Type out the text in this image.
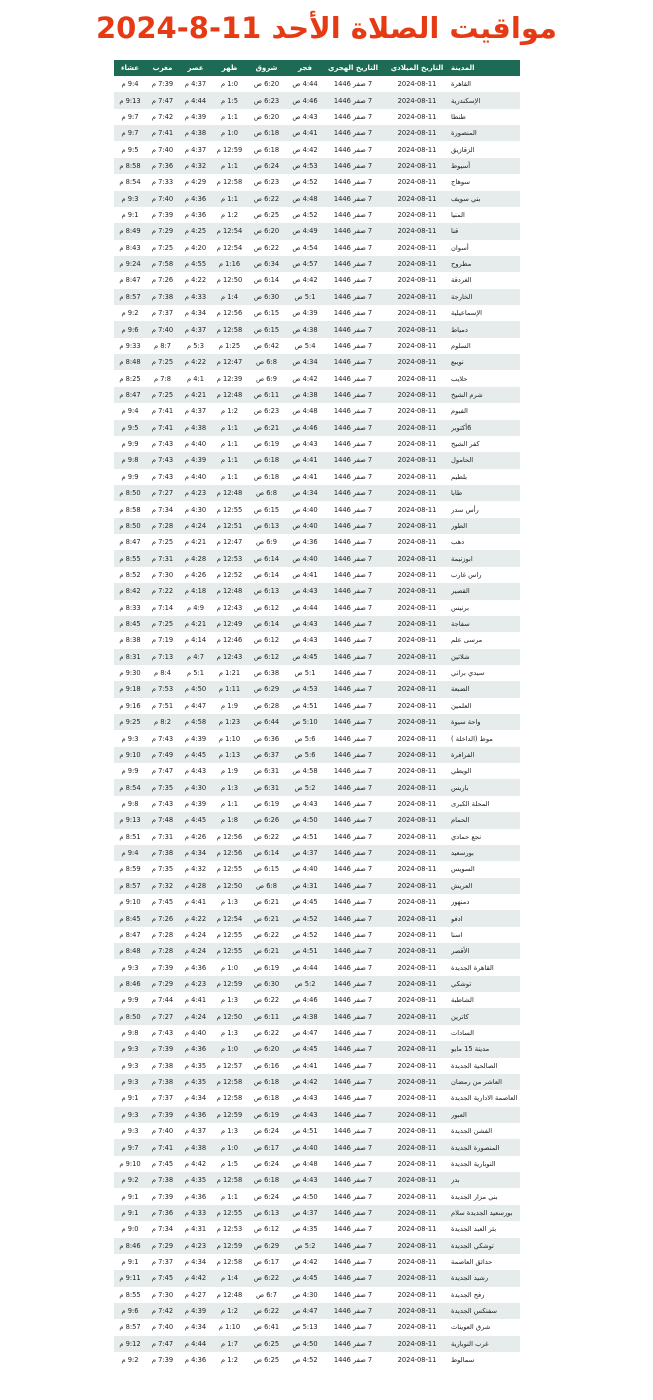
مواقيت الصلاة الأحد 11-8-2024
المدينة
التاريخ الميلادي
التاريخ الهجري
فجر
شروق
ظهر
عصر
مغرب
عشاء
القاهرة
2024-08-11
7 صفر 1446
4:44 ص
6:20 ص
1:0 م
4:37 م
7:39 م
9:4 م
الإسكندرية
2024-08-11
7 صفر 1446
4:46 ص
6:23 ص
1:5 م
4:44 م
7:47 م
9:13 م
طنطا
2024-08-11
7 صفر 1446
4:43 ص
6:20 ص
1:1 م
4:39 م
7:42 م
9:7 م
المنصورة
2024-08-11
7 صفر 1446
4:41 ص
6:18 ص
1:0 م
4:38 م
7:41 م
9:7 م
الزقازيق
2024-08-11
7 صفر 1446
4:42 ص
6:18 ص
12:59 م
4:37 م
7:40 م
9:5 م
أسيوط
2024-08-11
7 صفر 1446
4:53 ص
6:24 ص
1:1 م
4:32 م
7:36 م
8:58 م
سوهاج
2024-08-11
7 صفر 1446
4:52 ص
6:23 ص
12:58 م
4:29 م
7:33 م
8:54 م
بني سويف
2024-08-11
7 صفر 1446
4:48 ص
6:22 ص
1:1 م
4:36 م
7:40 م
9:3 م
المنيا
2024-08-11
7 صفر 1446
4:52 ص
6:25 ص
1:2 م
4:36 م
7:39 م
9:1 م
قنا
2024-08-11
7 صفر 1446
4:49 ص
6:20 ص
12:54 م
4:25 م
7:29 م
8:49 م
أسوان
2024-08-11
7 صفر 1446
4:54 ص
6:22 ص
12:54 م
4:20 م
7:25 م
8:43 م
مطروح
2024-08-11
7 صفر 1446
4:57 ص
6:34 ص
1:16 م
4:55 م
7:58 م
9:24 م
الغردقة
2024-08-11
7 صفر 1446
4:42 ص
6:14 ص
12:50 م
4:22 م
7:26 م
8:47 م
الخارجة
2024-08-11
7 صفر 1446
5:1 ص
6:30 ص
1:4 م
4:33 م
7:38 م
8:57 م
الإسماعيلية
2024-08-11
7 صفر 1446
4:39 ص
6:15 ص
12:56 م
4:34 م
7:37 م
9:2 م
دمياط
2024-08-11
7 صفر 1446
4:38 ص
6:15 ص
12:58 م
4:37 م
7:40 م
9:6 م
السلوم
2024-08-11
7 صفر 1446
5:4 ص
6:42 ص
1:25 م
5:3 م
8:7 م
9:33 م
نويبع
2024-08-11
7 صفر 1446
4:34 ص
6:8 ص
12:47 م
4:22 م
7:25 م
8:48 م
حلايب
2024-08-11
7 صفر 1446
4:42 ص
6:9 ص
12:39 م
4:1 م
7:8 م
8:25 م
شرم الشيخ
2024-08-11
7 صفر 1446
4:38 ص
6:11 ص
12:48 م
4:21 م
7:25 م
8:47 م
الفيوم
2024-08-11
7 صفر 1446
4:48 ص
6:23 ص
1:2 م
4:37 م
7:41 م
9:4 م
6أكتوبر
2024-08-11
7 صفر 1446
4:46 ص
6:21 ص
1:1 م
4:38 م
7:41 م
9:5 م
كفر الشيخ
2024-08-11
7 صفر 1446
4:43 ص
6:19 ص
1:1 م
4:40 م
7:43 م
9:9 م
الحامول
2024-08-11
7 صفر 1446
4:41 ص
6:18 ص
1:1 م
4:39 م
7:43 م
9:8 م
بلطيم
2024-08-11
7 صفر 1446
4:41 ص
6:18 ص
1:1 م
4:40 م
7:43 م
9:9 م
طابا
2024-08-11
7 صفر 1446
4:34 ص
6:8 ص
12:48 م
4:23 م
7:27 م
8:50 م
رأس سدر
2024-08-11
7 صفر 1446
4:40 ص
6:15 ص
12:55 م
4:30 م
7:34 م
8:58 م
الطور
2024-08-11
7 صفر 1446
4:40 ص
6:13 ص
12:51 م
4:24 م
7:28 م
8:50 م
دهب
2024-08-11
7 صفر 1446
4:36 ص
6:9 ص
12:47 م
4:21 م
7:25 م
8:47 م
ابوزنيمة
2024-08-11
7 صفر 1446
4:40 ص
6:14 ص
12:53 م
4:28 م
7:31 م
8:55 م
راس غارب
2024-08-11
7 صفر 1446
4:41 ص
6:14 ص
12:52 م
4:26 م
7:30 م
8:52 م
القصير
2024-08-11
7 صفر 1446
4:43 ص
6:13 ص
12:48 م
4:18 م
7:22 م
8:42 م
برنيس
2024-08-11
7 صفر 1446
4:44 ص
6:12 ص
12:43 م
4:9 م
7:14 م
8:33 م
سفاجة
2024-08-11
7 صفر 1446
4:43 ص
6:14 ص
12:49 م
4:21 م
7:25 م
8:45 م
مرسى علم
2024-08-11
7 صفر 1446
4:43 ص
6:12 ص
12:46 م
4:14 م
7:19 م
8:38 م
شلاتين
2024-08-11
7 صفر 1446
4:45 ص
6:12 ص
12:43 م
4:7 م
7:13 م
8:31 م
سيدي براني
2024-08-11
7 صفر 1446
5:1 ص
6:38 ص
1:21 م
5:1 م
8:4 م
9:30 م
الضبعة
2024-08-11
7 صفر 1446
4:53 ص
6:29 ص
1:11 م
4:50 م
7:53 م
9:18 م
العلمين
2024-08-11
7 صفر 1446
4:51 ص
6:28 ص
1:9 م
4:47 م
7:51 م
9:16 م
واحة سيوة
2024-08-11
7 صفر 1446
5:10 ص
6:44 ص
1:23 م
4:58 م
8:2 م
9:25 م
موط (الداخلة )
2024-08-11
7 صفر 1446
5:6 ص
6:36 ص
1:10 م
4:39 م
7:43 م
9:3 م
الفرافرة
2024-08-11
7 صفر 1446
5:6 ص
6:37 ص
1:13 م
4:45 م
7:49 م
9:10 م
الويطي
2024-08-11
7 صفر 1446
4:58 ص
6:31 ص
1:9 م
4:43 م
7:47 م
9:9 م
باريس
2024-08-11
7 صفر 1446
5:2 ص
6:31 ص
1:3 م
4:30 م
7:35 م
8:54 م
المحلة الكبرى
2024-08-11
7 صفر 1446
4:43 ص
6:19 ص
1:1 م
4:39 م
7:43 م
9:8 م
الحمام
2024-08-11
7 صفر 1446
4:50 ص
6:26 ص
1:8 م
4:45 م
7:48 م
9:13 م
نجع حمادي
2024-08-11
7 صفر 1446
4:51 ص
6:22 ص
12:56 م
4:26 م
7:31 م
8:51 م
بورسعيد
2024-08-11
7 صفر 1446
4:37 ص
6:14 ص
12:56 م
4:34 م
7:38 م
9:4 م
السويس
2024-08-11
7 صفر 1446
4:40 ص
6:15 ص
12:55 م
4:32 م
7:35 م
8:59 م
العريش
2024-08-11
7 صفر 1446
4:31 ص
6:8 ص
12:50 م
4:28 م
7:32 م
8:57 م
دمنهور
2024-08-11
7 صفر 1446
4:45 ص
6:21 ص
1:3 م
4:41 م
7:45 م
9:10 م
ادفو
2024-08-11
7 صفر 1446
4:52 ص
6:21 ص
12:54 م
4:22 م
7:26 م
8:45 م
اسنا
2024-08-11
7 صفر 1446
4:52 ص
6:22 ص
12:55 م
4:24 م
7:28 م
8:47 م
الأقصر
2024-08-11
7 صفر 1446
4:51 ص
6:21 ص
12:55 م
4:24 م
7:28 م
8:48 م
القاهرة الجديدة
2024-08-11
7 صفر 1446
4:44 ص
6:19 ص
1:0 م
4:36 م
7:39 م
9:3 م
توشكي
2024-08-11
7 صفر 1446
5:2 ص
6:30 ص
12:59 م
4:23 م
7:29 م
8:46 م
الشاطبة
2024-08-11
7 صفر 1446
4:46 ص
6:22 ص
1:3 م
4:41 م
7:44 م
9:9 م
كاترين
2024-08-11
7 صفر 1446
4:38 ص
6:11 ص
12:50 م
4:24 م
7:27 م
8:50 م
السادات
2024-08-11
7 صفر 1446
4:47 ص
6:22 ص
1:3 م
4:40 م
7:43 م
9:8 م
مدينة 15 مايو
2024-08-11
7 صفر 1446
4:45 ص
6:20 ص
1:0 م
4:36 م
7:39 م
9:3 م
الصالحية الجديدة
2024-08-11
7 صفر 1446
4:41 ص
6:16 ص
12:57 م
4:35 م
7:38 م
9:3 م
العاشر من رمضان
2024-08-11
7 صفر 1446
4:42 ص
6:18 ص
12:58 م
4:35 م
7:38 م
9:3 م
العاصمة الادارية الجديدة
2024-08-11
7 صفر 1446
4:43 ص
6:18 ص
12:58 م
4:34 م
7:37 م
9:1 م
العبور
2024-08-11
7 صفر 1446
4:43 ص
6:19 ص
12:59 م
4:36 م
7:39 م
9:3 م
الفشن الجديدة
2024-08-11
7 صفر 1446
4:51 ص
6:24 ص
1:3 م
4:37 م
7:40 م
9:3 م
المنصورة الجديدة
2024-08-11
7 صفر 1446
4:40 ص
6:17 ص
1:0 م
4:38 م
7:41 م
9:7 م
النوبارية الجديدة
2024-08-11
7 صفر 1446
4:48 ص
6:24 ص
1:5 م
4:42 م
7:45 م
9:10 م
بدر
2024-08-11
7 صفر 1446
4:43 ص
6:18 ص
12:58 م
4:35 م
7:38 م
9:2 م
بني مزار الجديدة
2024-08-11
7 صفر 1446
4:50 ص
6:24 ص
1:1 م
4:36 م
7:39 م
9:1 م
بورسعيد الجديدة سلام
2024-08-11
7 صفر 1446
4:37 ص
6:13 ص
12:55 م
4:33 م
7:36 م
9:1 م
بئر العبد الجديدة
2024-08-11
7 صفر 1446
4:35 ص
6:12 ص
12:53 م
4:31 م
7:34 م
9:0 م
توشكي الجديدة
2024-08-11
7 صفر 1446
5:2 ص
6:29 ص
12:59 م
4:23 م
7:29 م
8:46 م
حدائق العاصمة
2024-08-11
7 صفر 1446
4:42 ص
6:17 ص
12:58 م
4:34 م
7:37 م
9:1 م
رشيد الجديدة
2024-08-11
7 صفر 1446
4:45 ص
6:22 ص
1:4 م
4:42 م
7:45 م
9:11 م
رفح الجديدة
2024-08-11
7 صفر 1446
4:30 ص
6:7 ص
12:48 م
4:27 م
7:30 م
8:55 م
سفنكس الجديدة
2024-08-11
7 صفر 1446
4:47 ص
6:22 ص
1:2 م
4:39 م
7:42 م
9:6 م
شرق العوينات
2024-08-11
7 صفر 1446
5:13 ص
6:41 ص
1:10 م
4:34 م
7:40 م
8:57 م
غرب النوبارية
2024-08-11
7 صفر 1446
4:50 ص
6:25 ص
1:7 م
4:44 م
7:47 م
9:12 م
سمالوط
2024-08-11
7 صفر 1446
4:52 ص
6:25 ص
1:2 م
4:36 م
7:39 م
9:2 م
